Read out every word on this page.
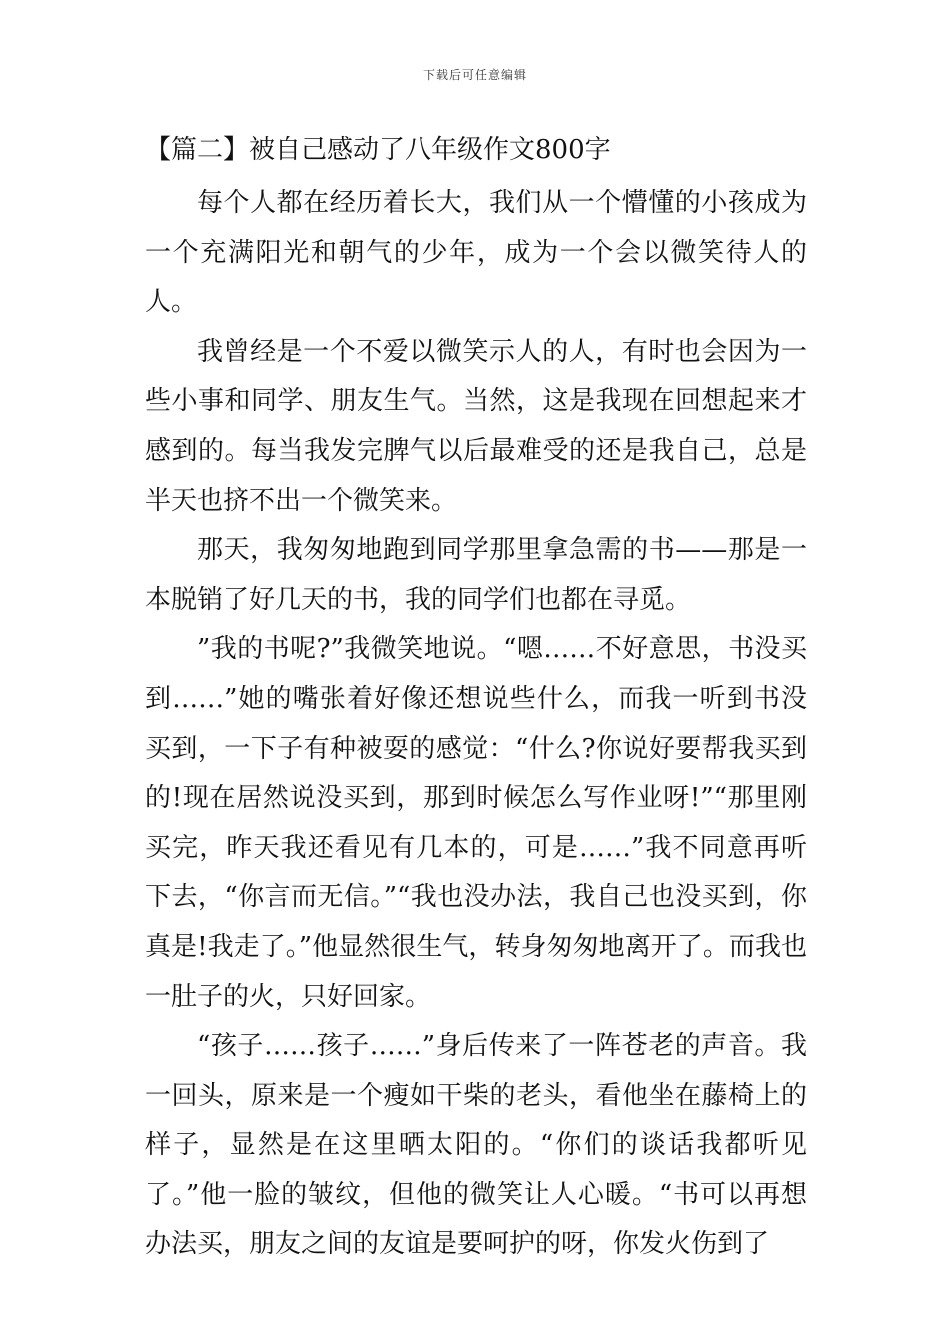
下载后可任意编辑
【篇二】被自己感动了八年级作文800字

每个人都在经历着长大，我们从一个懵懂的小孩成为一个充满阳光和朝气的少年，成为一个会以微笑待人的人。

我曾经是一个不爱以微笑示人的人，有时也会因为一些小事和同学、朋友生气。当然，这是我现在回想起来才感到的。每当我发完脾气以后最难受的还是我自己，总是半天也挤不出一个微笑来。

那天，我匆匆地跑到同学那里拿急需的书——那是一本脱销了好几天的书，我的同学们也都在寻觅。

”我的书呢?”我微笑地说。“嗯……不好意思，书没买到……”她的嘴张着好像还想说些什么，而我一听到书没买到，一下子有种被耍的感觉：“什么?你说好要帮我买到的!现在居然说没买到，那到时候怎么写作业呀!”“那里刚买完，昨天我还看见有几本的，可是……”我不同意再听下去，“你言而无信。”“我也没办法，我自己也没买到，你真是!我走了。”他显然很生气，转身匆匆地离开了。而我也一肚子的火，只好回家。

“孩子……孩子……”身后传来了一阵苍老的声音。我一回头，原来是一个瘦如干柴的老头，看他坐在藤椅上的样子，显然是在这里晒太阳的。“你们的谈话我都听见了。”他一脸的皱纹，但他的微笑让人心暖。“书可以再想办法买，朋友之间的友谊是要呵护的呀，你发火伤到了
